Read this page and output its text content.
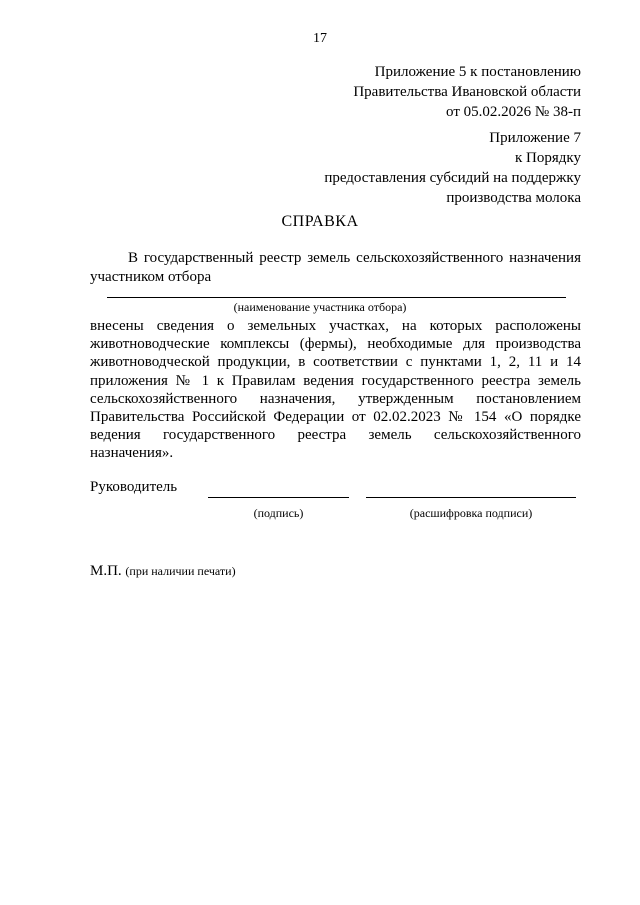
17
Приложение 5 к постановлению
Правительства Ивановской области
от 05.02.2026 № 38-п
Приложение 7
к Порядку
предоставления субсидий на поддержку
производства молока
СПРАВКА
В государственный реестр земель сельскохозяйственного назначения участником отбора
(наименование участника отбора)
внесены сведения о земельных участках, на которых расположены животноводческие комплексы (фермы), необходимые для производства животноводческой продукции, в соответствии с пунктами 1, 2, 11 и 14 приложения № 1 к Правилам ведения государственного реестра земель сельскохозяйственного назначения, утвержденным постановлением Правительства Российской Федерации от 02.02.2023 № 154 «О порядке ведения государственного реестра земель сельскохозяйственного назначения».
Руководитель
(подпись)	(расшифровка подписи)
М.П. (при наличии печати)
